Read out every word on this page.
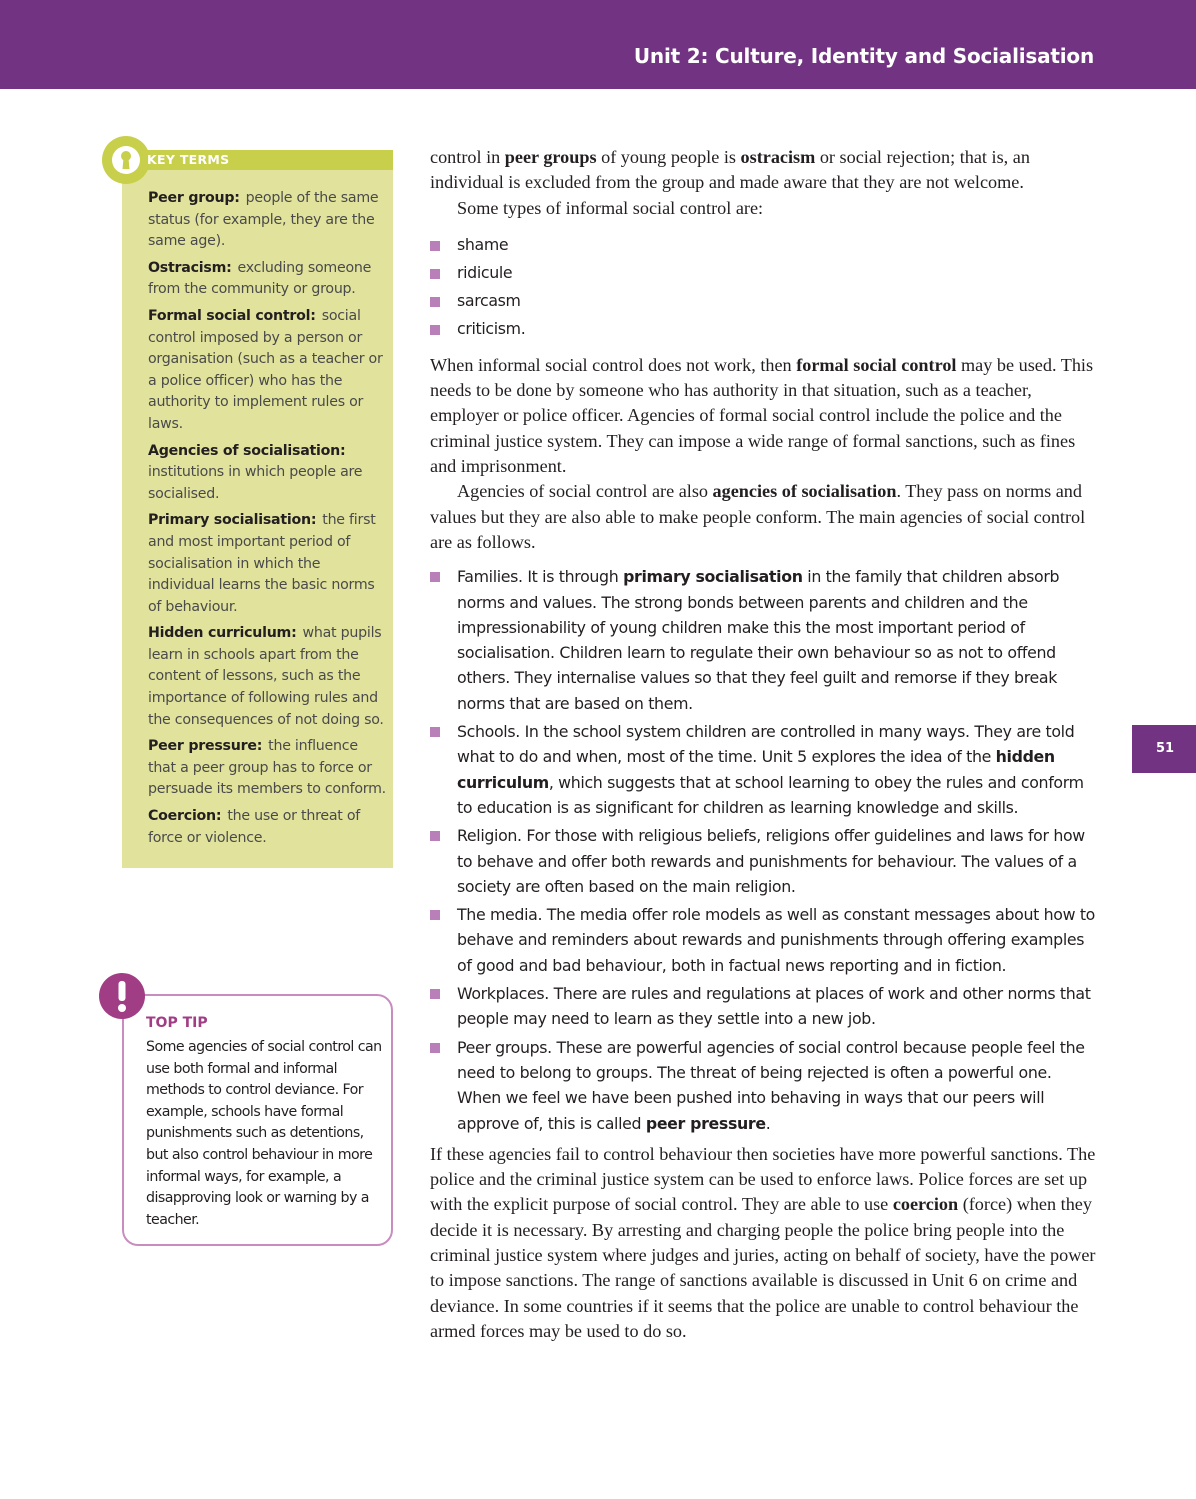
Unit 2: Culture, Identity and Socialisation
51
KEY TERMS

Peer group: people of the same status (for example, they are the same age).

Ostracism: excluding someone from the community or group.

Formal social control: social control imposed by a person or organisation (such as a teacher or a police officer) who has the authority to implement rules or laws.

Agencies of socialisation: institutions in which people are socialised.

Primary socialisation: the first and most important period of socialisation in which the individual learns the basic norms of behaviour.

Hidden curriculum: what pupils learn in schools apart from the content of lessons, such as the importance of following rules and the consequences of not doing so.

Peer pressure: the influence that a peer group has to force or persuade its members to conform.

Coercion: the use or threat of force or violence.

TOP TIP

Some agencies of social control can use both formal and informal methods to control deviance. For example, schools have formal punishments such as detentions, but also control behaviour in more informal ways, for example, a disapproving look or warning by a teacher.

control in peer groups of young people is ostracism or social rejection; that is, an individual is excluded from the group and made aware that they are not welcome.

Some types of informal social control are:

shame
ridicule
sarcasm
criticism.

When informal social control does not work, then formal social control may be used. This needs to be done by someone who has authority in that situation, such as a teacher, employer or police officer. Agencies of formal social control include the police and the criminal justice system. They can impose a wide range of formal sanctions, such as fines and imprisonment.

Agencies of social control are also agencies of socialisation. They pass on norms and values but they are also able to make people conform. The main agencies of social control are as follows.

Families. It is through primary socialisation in the family that children absorb norms and values. The strong bonds between parents and children and the impressionability of young children make this the most important period of socialisation. Children learn to regulate their own behaviour so as not to offend others. They internalise values so that they feel guilt and remorse if they break norms that are based on them.
Schools. In the school system children are controlled in many ways. They are told what to do and when, most of the time. Unit 5 explores the idea of the hidden curriculum, which suggests that at school learning to obey the rules and conform to education is as significant for children as learning knowledge and skills.
Religion. For those with religious beliefs, religions offer guidelines and laws for how to behave and offer both rewards and punishments for behaviour. The values of a society are often based on the main religion.
The media. The media offer role models as well as constant messages about how to behave and reminders about rewards and punishments through offering examples of good and bad behaviour, both in factual news reporting and in fiction.
Workplaces. There are rules and regulations at places of work and other norms that people may need to learn as they settle into a new job.
Peer groups. These are powerful agencies of social control because people feel the need to belong to groups. The threat of being rejected is often a powerful one. When we feel we have been pushed into behaving in ways that our peers will approve of, this is called peer pressure.

If these agencies fail to control behaviour then societies have more powerful sanctions. The police and the criminal justice system can be used to enforce laws. Police forces are set up with the explicit purpose of social control. They are able to use coercion (force) when they decide it is necessary. By arresting and charging people the police bring people into the criminal justice system where judges and juries, acting on behalf of society, have the power to impose sanctions. The range of sanctions available is discussed in Unit 6 on crime and deviance. In some countries if it seems that the police are unable to control behaviour the armed forces may be used to do so.
